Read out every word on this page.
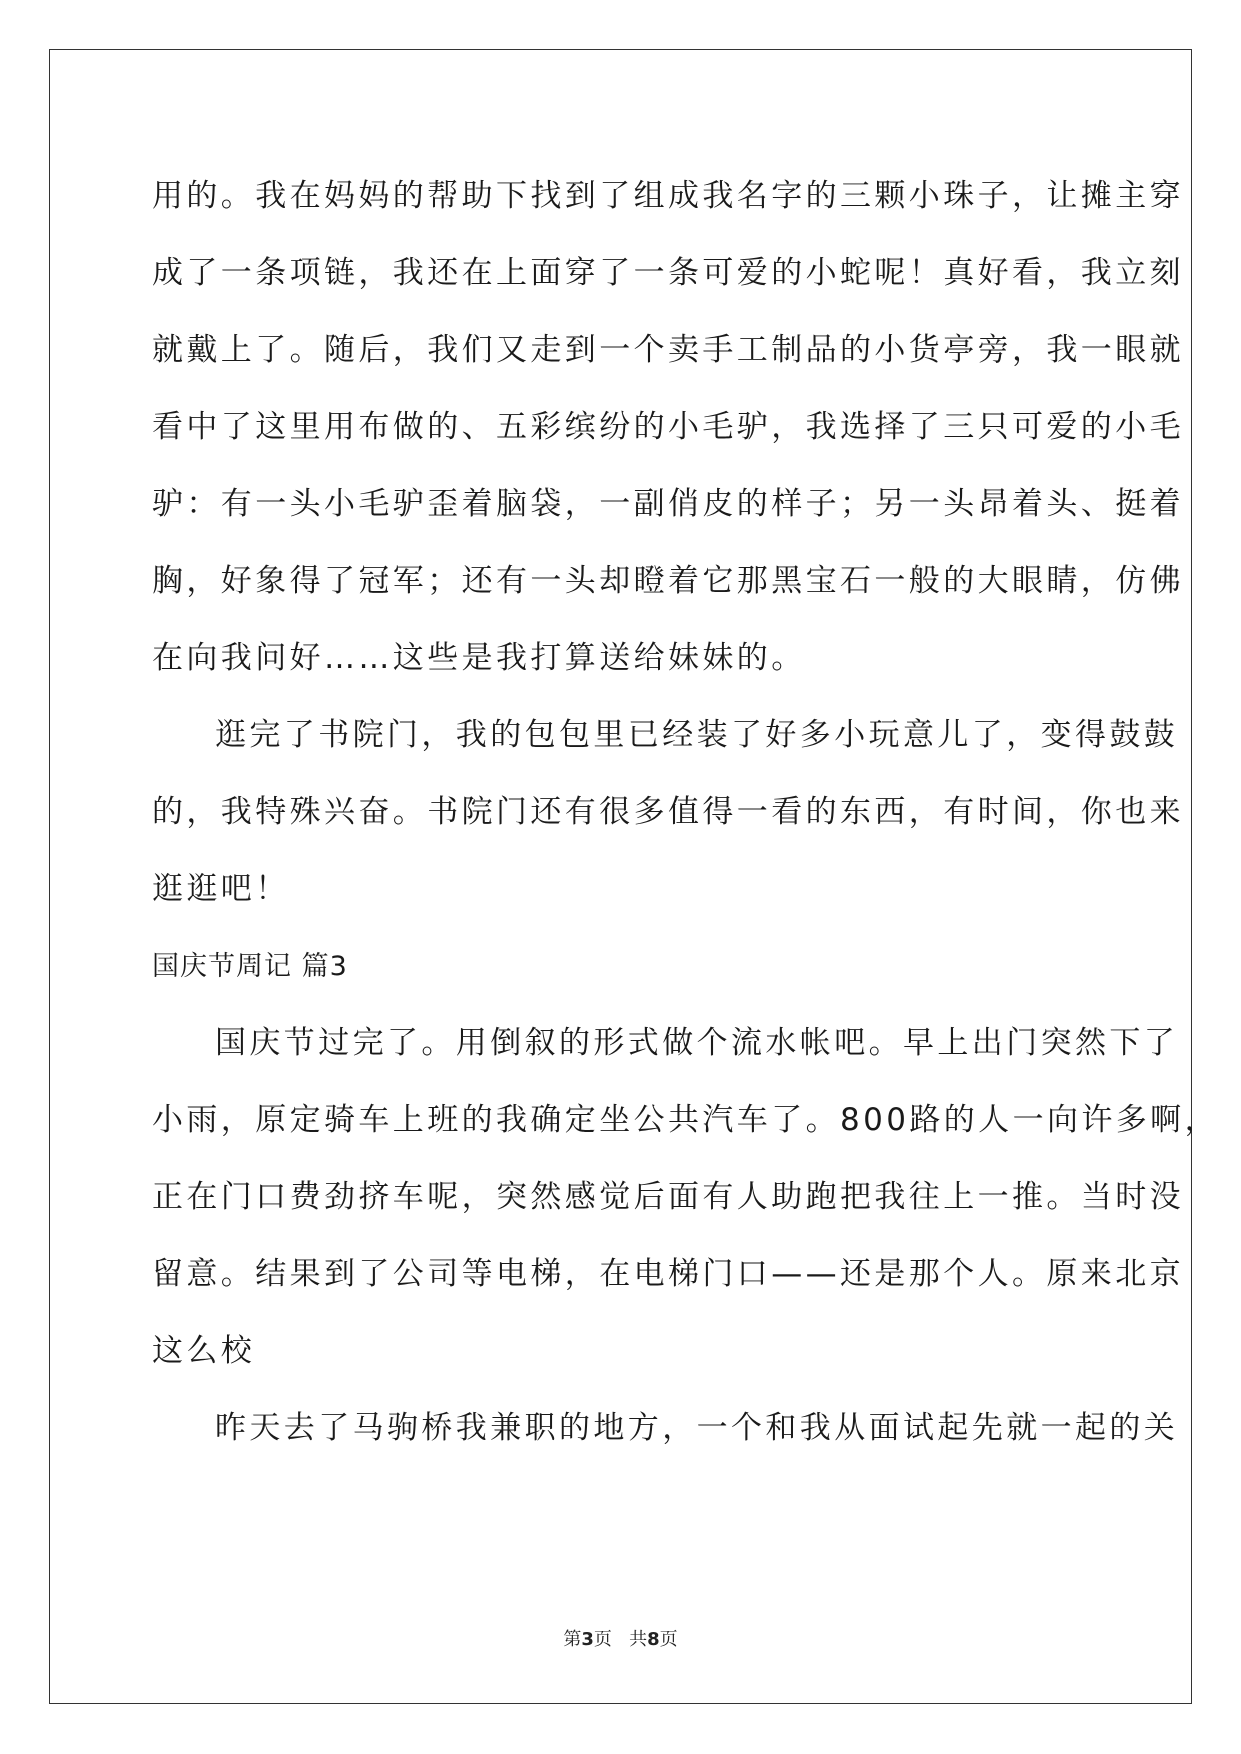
用的。我在妈妈的帮助下找到了组成我名字的三颗小珠子，让摊主穿
成了一条项链，我还在上面穿了一条可爱的小蛇呢！真好看，我立刻
就戴上了。随后，我们又走到一个卖手工制品的小货亭旁，我一眼就
看中了这里用布做的、五彩缤纷的小毛驴，我选择了三只可爱的小毛
驴：有一头小毛驴歪着脑袋，一副俏皮的样子；另一头昂着头、挺着
胸，好象得了冠军；还有一头却瞪着它那黑宝石一般的大眼睛，仿佛
在向我问好……这些是我打算送给妹妹的。
逛完了书院门，我的包包里已经装了好多小玩意儿了，变得鼓鼓
的，我特殊兴奋。书院门还有很多值得一看的东西，有时间，你也来
逛逛吧！
国庆节周记 篇3
国庆节过完了。用倒叙的形式做个流水帐吧。早上出门突然下了
小雨，原定骑车上班的我确定坐公共汽车了。800路的人一向许多啊，
正在门口费劲挤车呢，突然感觉后面有人助跑把我往上一推。当时没
留意。结果到了公司等电梯，在电梯门口——还是那个人。原来北京
这么校
昨天去了马驹桥我兼职的地方，一个和我从面试起先就一起的关
第3页   共8页
